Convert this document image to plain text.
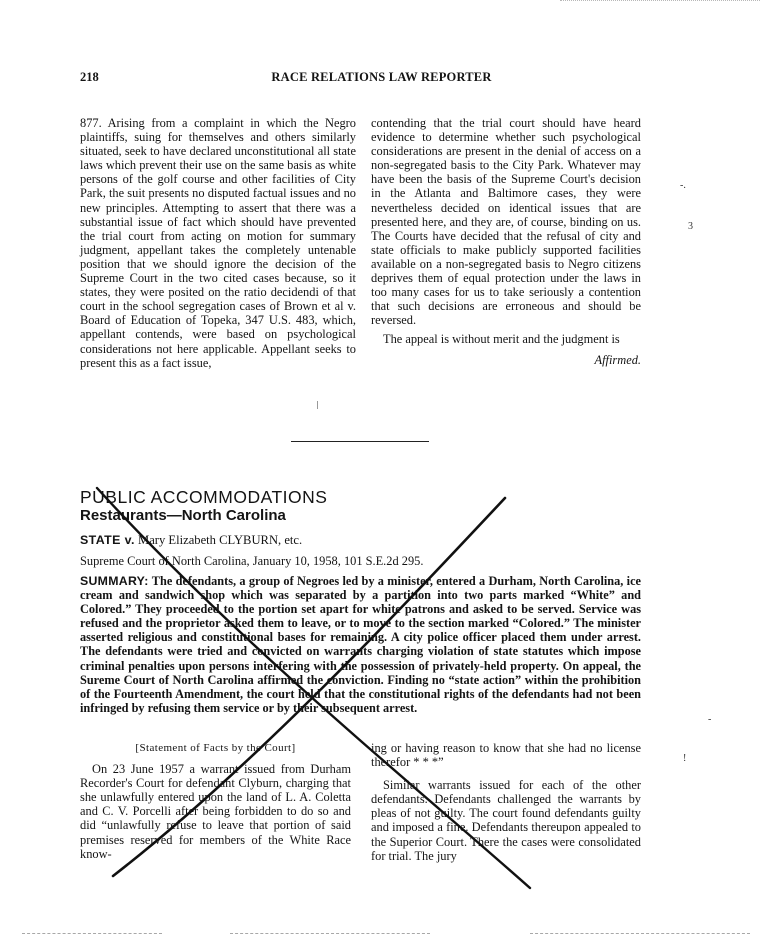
218	RACE RELATIONS LAW REPORTER

877. Arising from a complaint in which the Negro plaintiffs, suing for themselves and others similarly situated, seek to have declared unconstitutional all state laws which prevent their use on the same basis as white persons of the golf course and other facilities of City Park, the suit presents no disputed factual issues and no new principles. Attempting to assert that there was a substantial issue of fact which should have prevented the trial court from acting on motion for summary judgment, appellant takes the completely untenable position that we should ignore the decision of the Supreme Court in the two cited cases because, so it states, they were posited on the ratio decidendi of that court in the school segregation cases of Brown et al v. Board of Education of Topeka, 347 U.S. 483, which, appellant contends, were based on psychological considerations not here applicable. Appellant seeks to present this as a fact issue,

contending that the trial court should have heard evidence to determine whether such psychological considerations are present in the denial of access on a non-segregated basis to the City Park. Whatever may have been the basis of the Supreme Court's decision in the Atlanta and Baltimore cases, they were nevertheless decided on identical issues that are presented here, and they are, of course, binding on us. The Courts have decided that the refusal of city and state officials to make publicly supported facilities available on a non-segregated basis to Negro citizens deprives them of equal protection under the laws in too many cases for us to take seriously a contention that such decisions are erroneous and should be reversed.

The appeal is without merit and the judgment is

Affirmed.

PUBLIC ACCOMMODATIONS
Restaurants—North Carolina
STATE v. Mary Elizabeth CLYBURN, etc.
Supreme Court of North Carolina, January 10, 1958, 101 S.E.2d 295.
SUMMARY: The defendants, a group of Negroes led by a minister, entered a Durham, North Carolina, ice cream and sandwich shop which was separated by a partition into two parts marked “White” and Colored.” They proceeded to the portion set apart for white patrons and asked to be served. Service was refused and the proprietor asked them to leave, or to move to the section marked “Colored.” The minister asserted religious and constitutional bases for remaining. A city police officer placed them under arrest. The defendants were tried and convicted on warrants charging violation of state statutes which impose criminal penalties upon persons interfering with the possession of privately-held property. On appeal, the Sureme Court of North Carolina affirmed the conviction. Finding no “state action” within the prohibition of the Fourteenth Amendment, the court held that the constitutional rights of the defendants had not been infringed by refusing them service or by their subsequent arrest.

[Statement of Facts by the Court]

On 23 June 1957 a warrant issued from Durham Recorder's Court for defendant Clyburn, charging that she unlawfully entered upon the land of L. A. Coletta and C. V. Porcelli after being forbidden to do so and did “unlawfully refuse to leave that portion of said premises reserved for members of the White Race know-

ing or having reason to know that she had no license therefor * * *”

Similar warrants issued for each of the other defendants. Defendants challenged the warrants by pleas of not guilty. The court found defendants guilty and imposed a fine. Defendants thereupon appealed to the Superior Court. There the cases were consolidated for trial. The jury

-.
3
-
!
